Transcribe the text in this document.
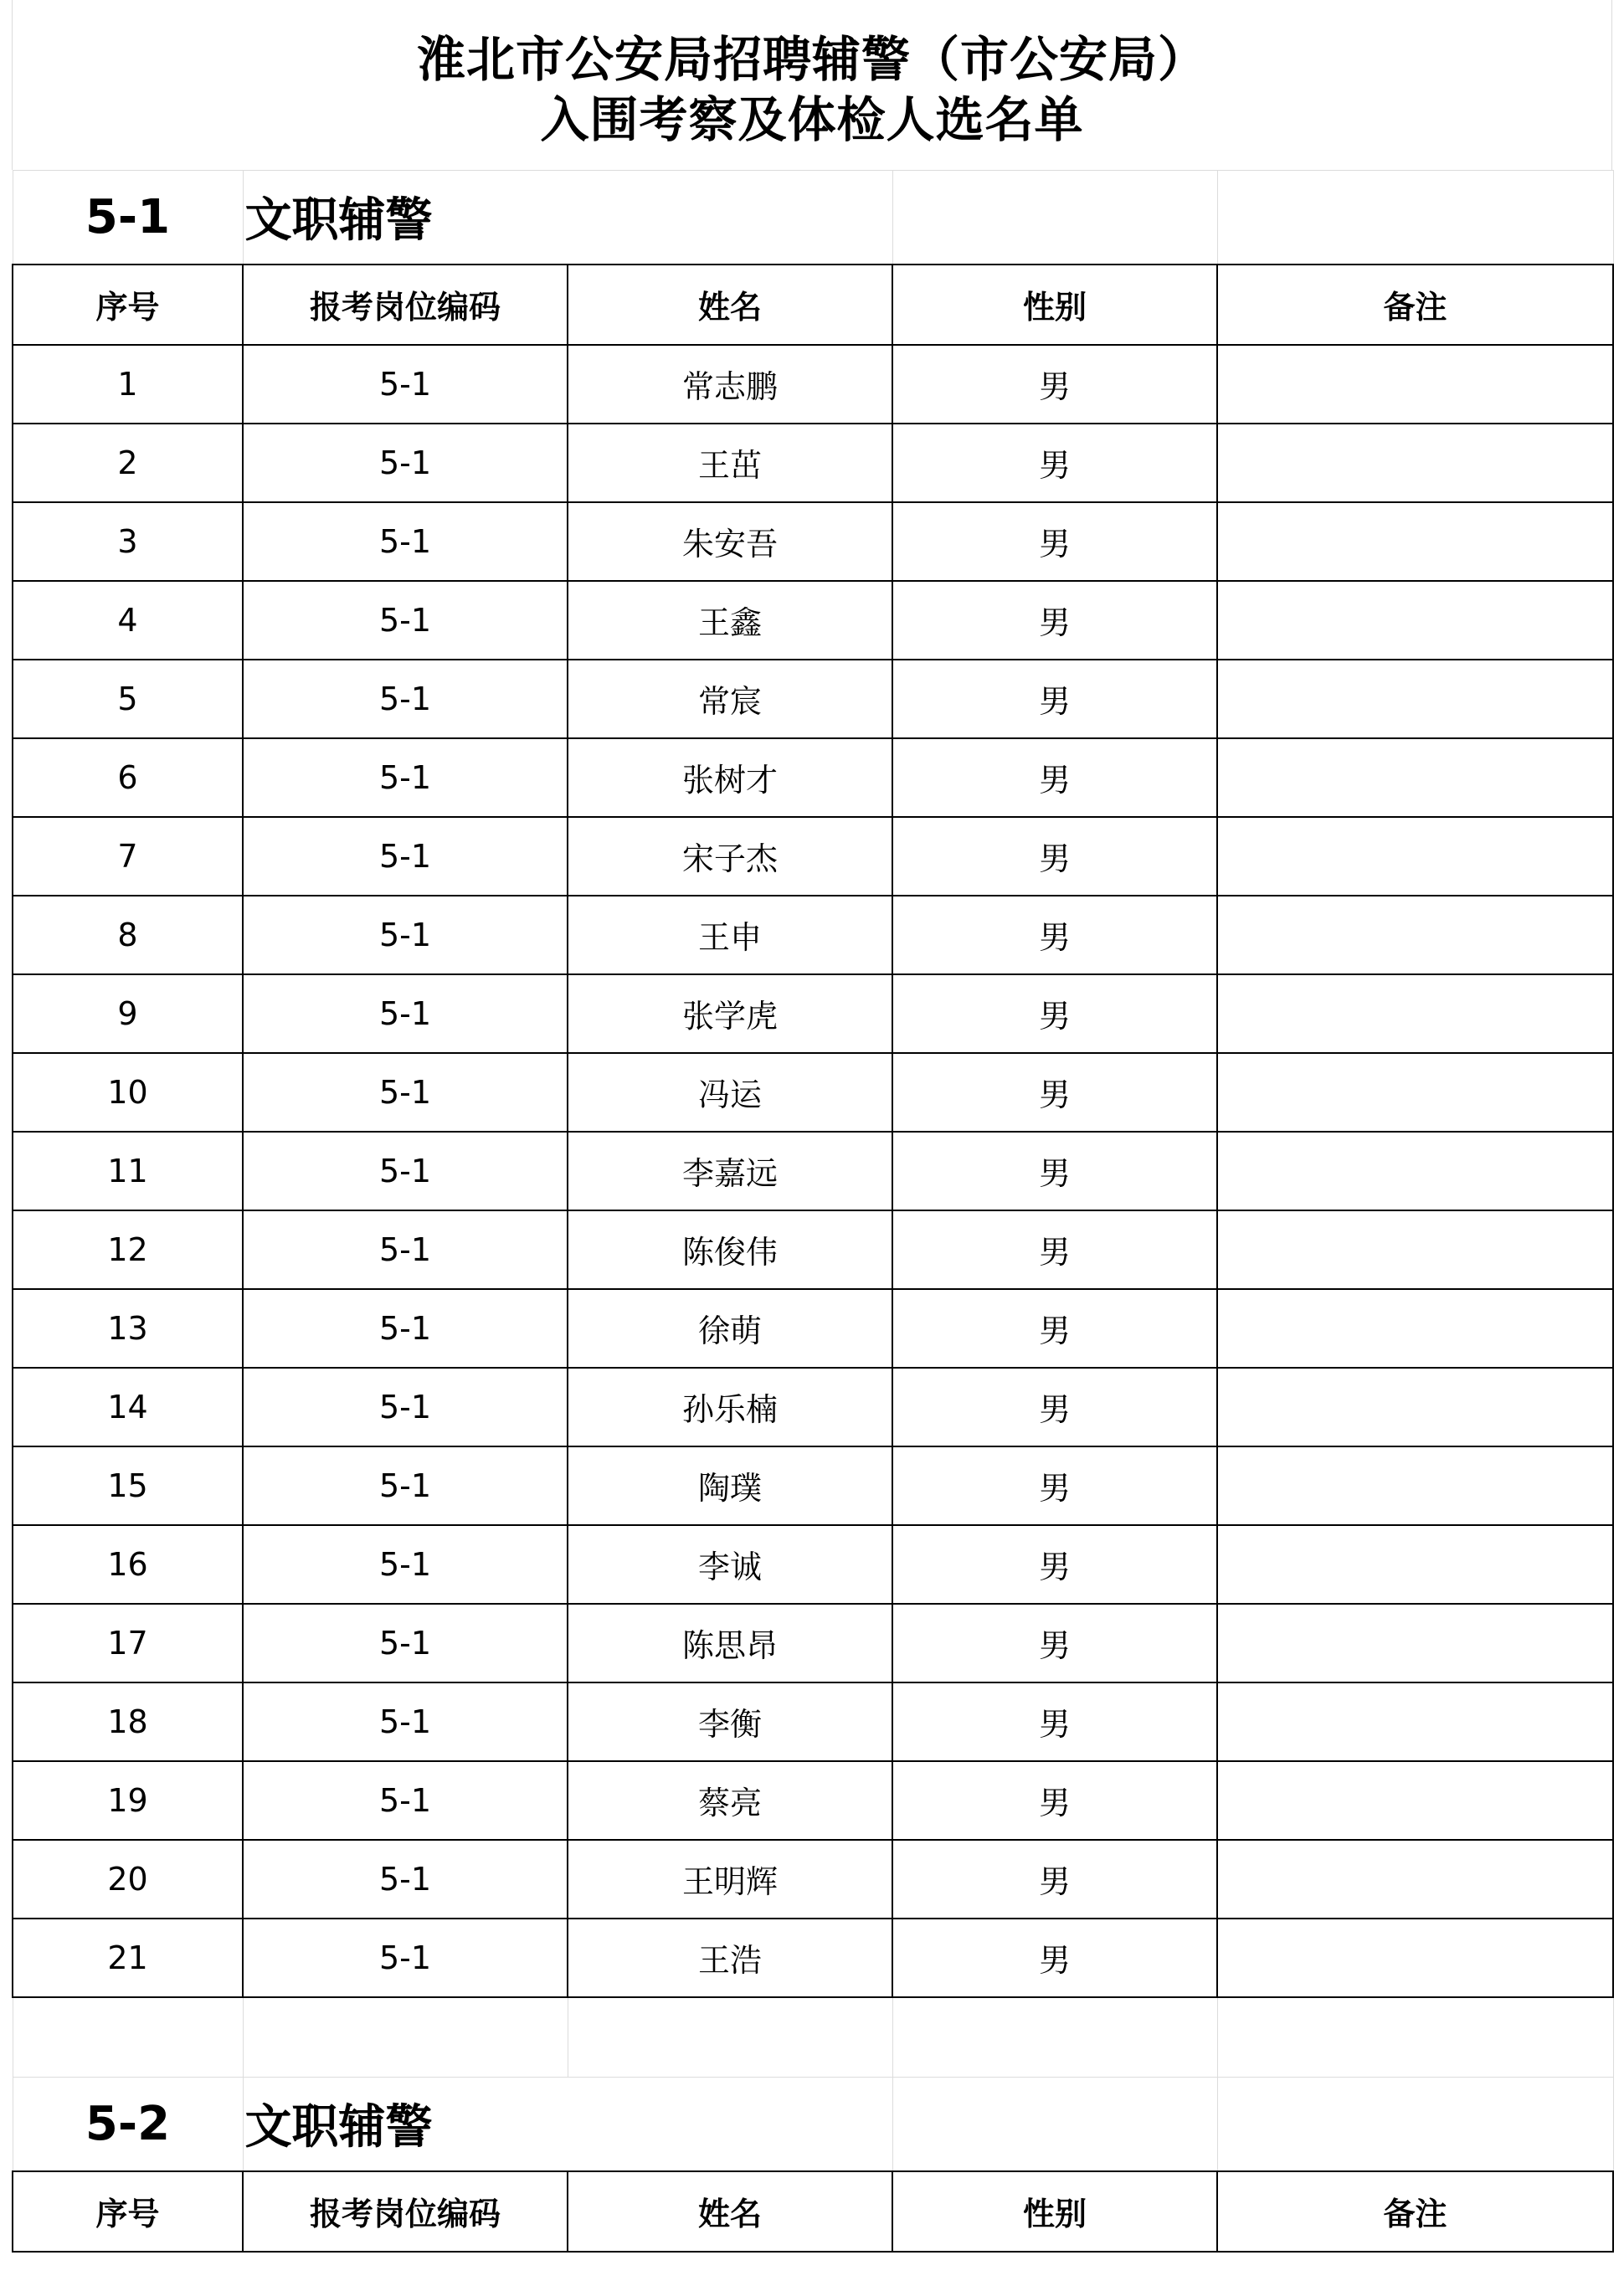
淮北市公安局招聘辅警（市公安局）
入围考察及体检人选名单
5-1	文职辅警			
序号	报考岗位编码	姓名	性别	备注
1	5-1	常志鹏	男	
2	5-1	王茁	男	
3	5-1	朱安吾	男	
4	5-1	王鑫	男	
5	5-1	常宸	男	
6	5-1	张树才	男	
7	5-1	宋子杰	男	
8	5-1	王申	男	
9	5-1	张学虎	男	
10	5-1	冯运	男	
11	5-1	李嘉远	男	
12	5-1	陈俊伟	男	
13	5-1	徐萌	男	
14	5-1	孙乐楠	男	
15	5-1	陶璞	男	
16	5-1	李诚	男	
17	5-1	陈思昂	男	
18	5-1	李衡	男	
19	5-1	蔡亮	男	
20	5-1	王明辉	男	
21	5-1	王浩	男	

5-2	文职辅警			
序号	报考岗位编码	姓名	性别	备注
